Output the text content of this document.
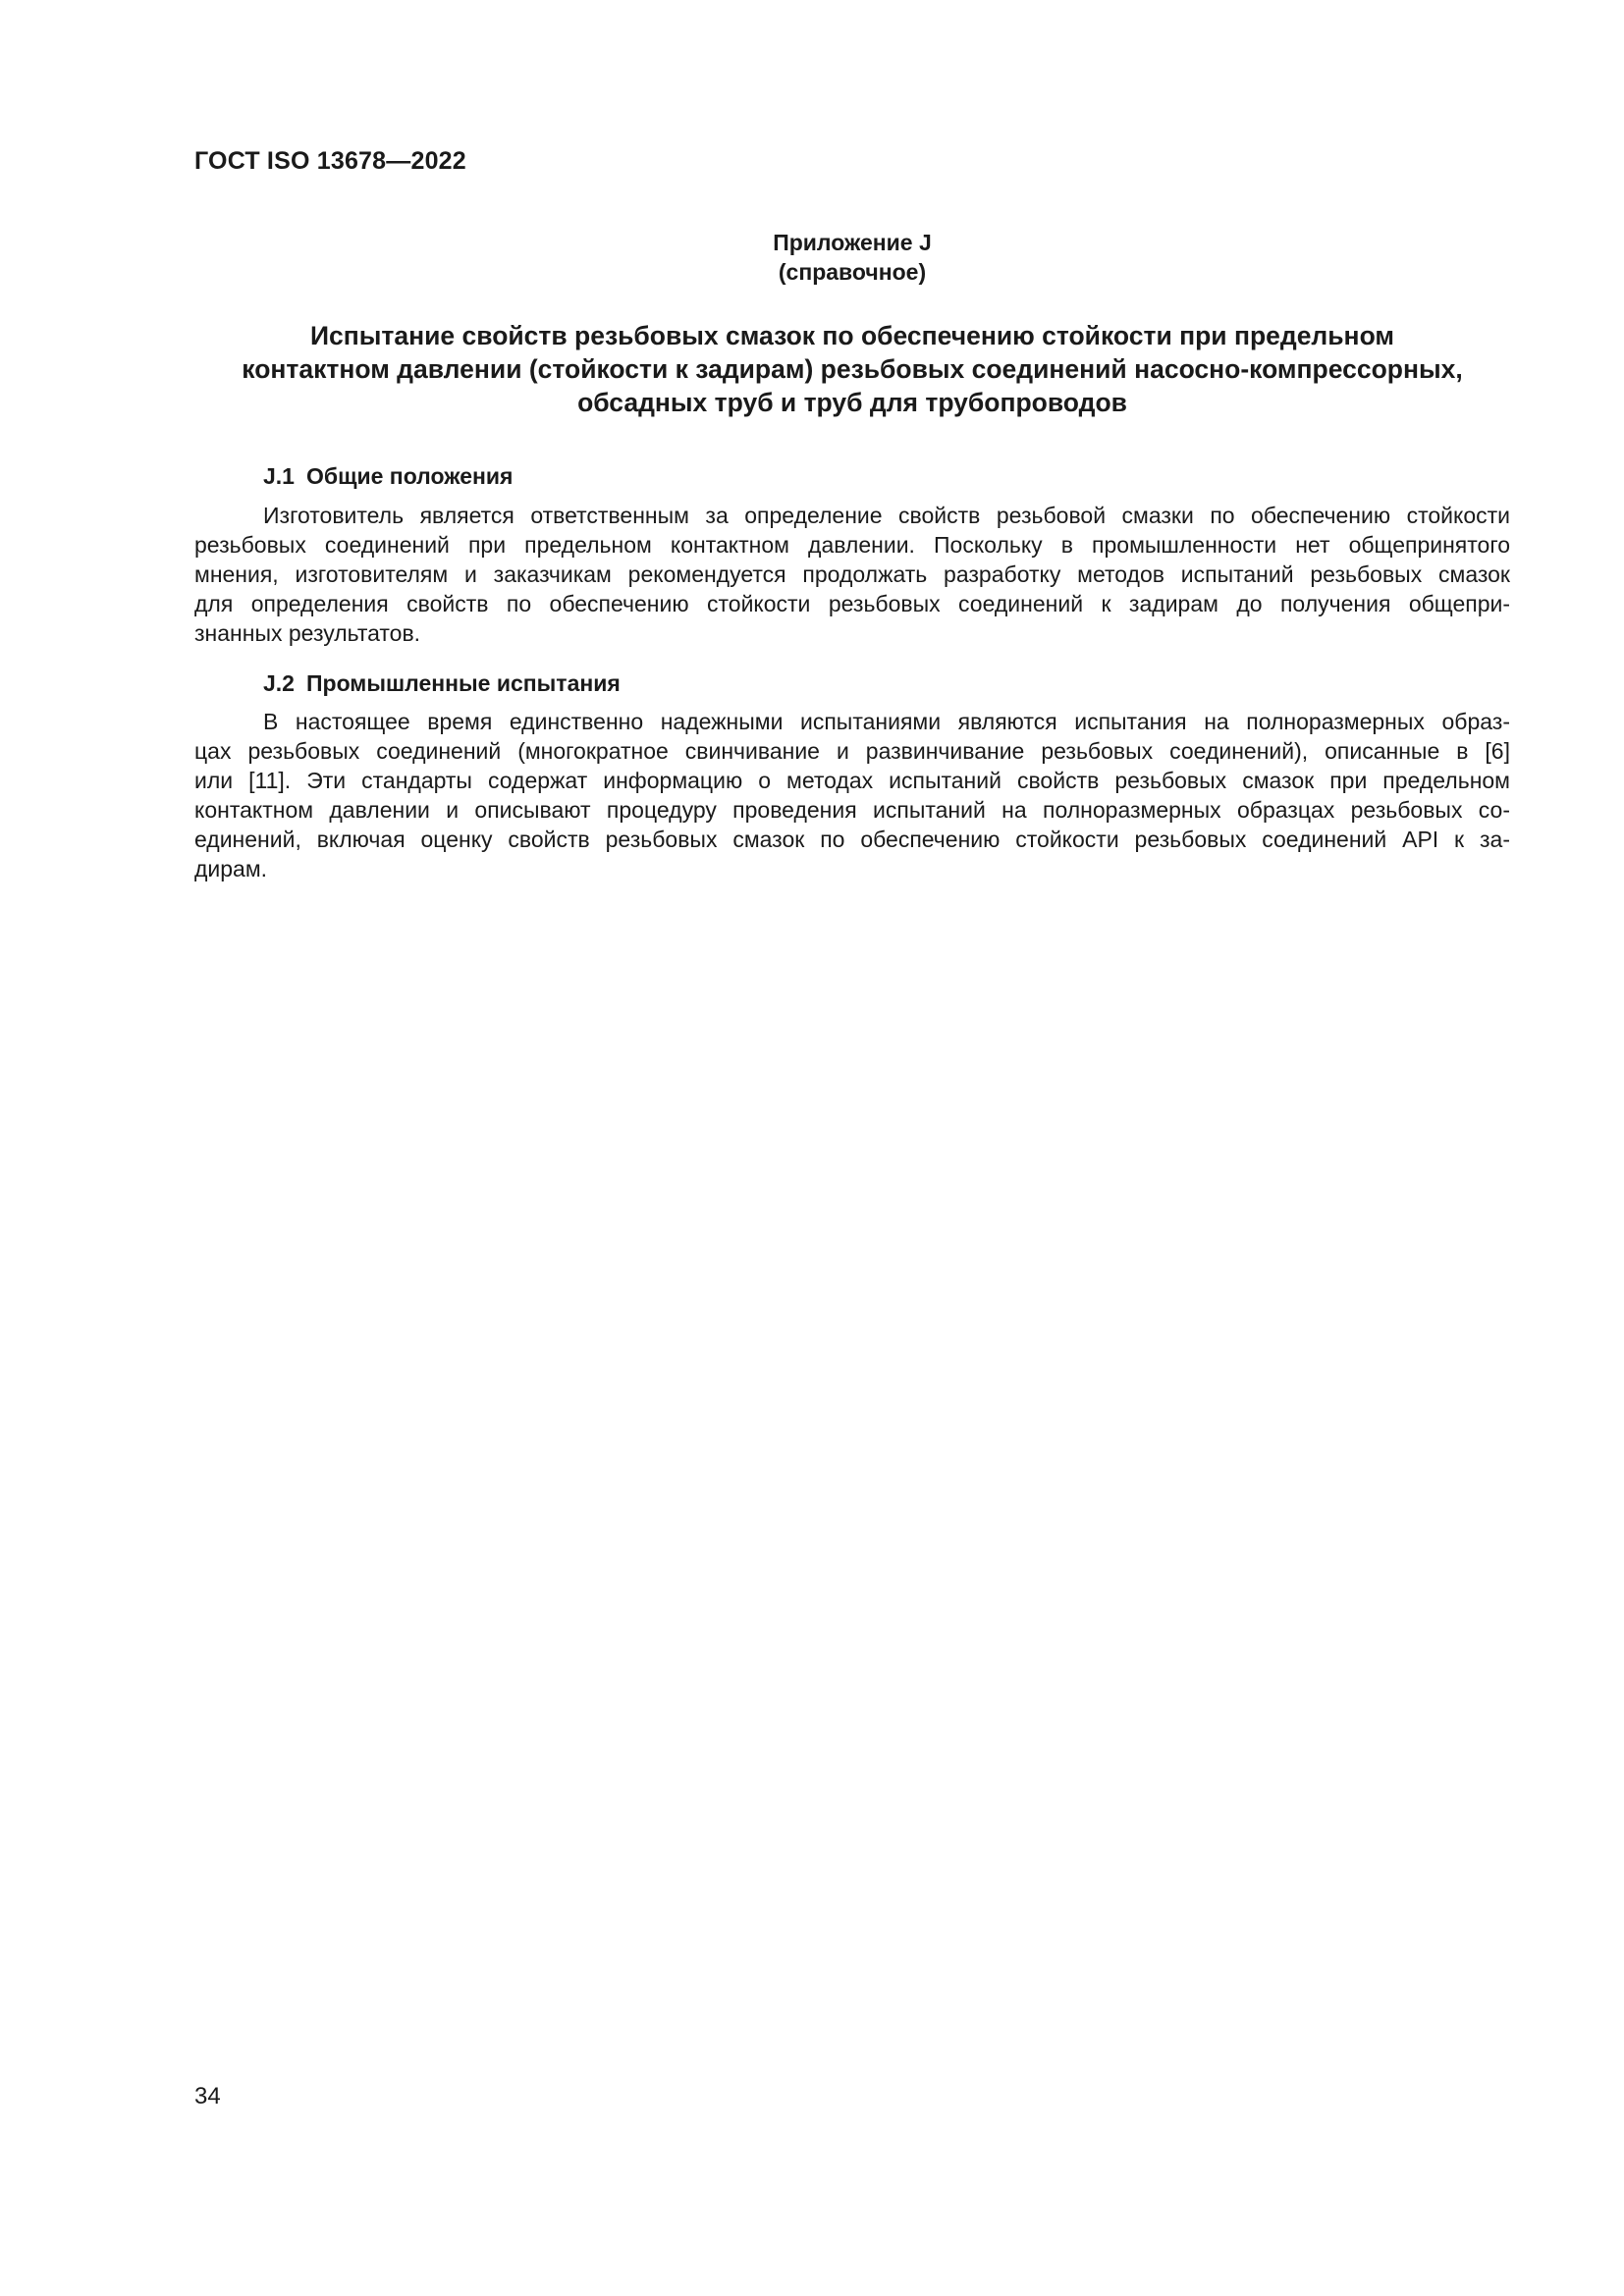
ГОСТ ISO 13678—2022
Приложение J
(справочное)
Испытание свойств резьбовых смазок по обеспечению стойкости при предельном
контактном давлении (стойкости к задирам) резьбовых соединений насосно-компрессорных,
обсадных труб и труб для трубопроводов
J.1 Общие положения
Изготовитель является ответственным за определение свойств резьбовой смазки по обеспечению стойкости
резьбовых соединений при предельном контактном давлении. Поскольку в промышленности нет общепринятого
мнения, изготовителям и заказчикам рекомендуется продолжать разработку методов испытаний резьбовых смазок
для определения свойств по обеспечению стойкости резьбовых соединений к задирам до получения общепри-
знанных результатов.
J.2 Промышленные испытания
В настоящее время единственно надежными испытаниями являются испытания на полноразмерных образ-
цах резьбовых соединений (многократное свинчивание и развинчивание резьбовых соединений), описанные в [6]
или [11]. Эти стандарты содержат информацию о методах испытаний свойств резьбовых смазок при предельном
контактном давлении и описывают процедуру проведения испытаний на полноразмерных образцах резьбовых со-
единений, включая оценку свойств резьбовых смазок по обеспечению стойкости резьбовых соединений API к за-
дирам.
34
